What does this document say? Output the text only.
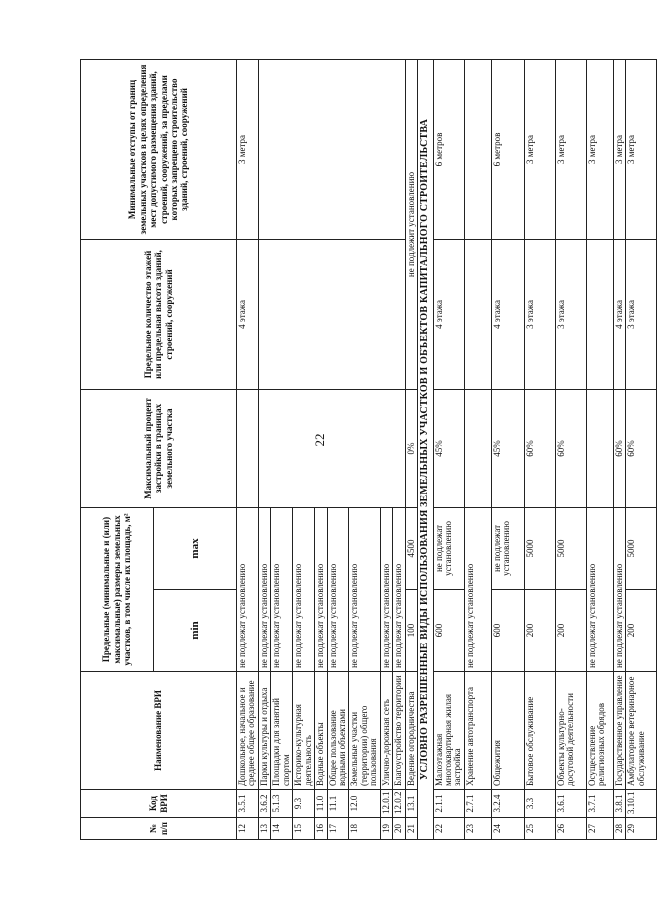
22
№ п/п	Код ВРИ	Наименование ВРИ	Предельные (минимальные и (или) максимальные) размеры земельных участков, в том числе их площадь, м²		Максимальный процент застройки в границах земельного участка	Предельное количество этажей или предельная высота зданий, строений, сооружений	Минимальные отступы от границ земельных участков в целях определения мест допустимого размещения зданий, строений, сооружений, за пределами которых запрещено строительство зданий, строений, сооружений
			min	max			
12	3.5.1	Дошкольное, начальное и среднее общее образование	не подлежат установлению			4 этажа	3 метра
13	3.6.2	Парки культуры и отдыха	не подлежат установлению				
14	5.1.3	Площадки для занятий спортом	не подлежат установлению				
15	9.3	Историко-культурная деятельность	не подлежат установлению				
16	11.0	Водные объекты	не подлежат установлению				
17	11.1	Общее пользование водными объектами	не подлежат установлению				
18	12.0	Земельные участки (территории) общего пользования	не подлежат установлению				
19	12.0.1	Улично-дорожная сеть	не подлежат установлению				
20	12.0.2	Благоустройство территории	не подлежат установлению				
21	13.1	Ведение огородничества	100	4500	0%	не подлежит установлению	
УСЛОВНО РАЗРЕШЕННЫЕ ВИДЫ ИСПОЛЬЗОВАНИЯ ЗЕМЕЛЬНЫХ УЧАСТКОВ И ОБЪЕКТОВ КАПИТАЛЬНОГО СТРОИТЕЛЬСТВА							
22	2.1.1	Малоэтажная многоквартирная жилая застройка	600	не подлежат установлению	45%	4 этажа	6 метров
23	2.7.1	Хранение автотранспорта	не подлежат установлению				
24	3.2.4	Общежития	600	не подлежат установлению	45%	4 этажа	6 метров
25	3.3	Бытовое обслуживание	200	5000	60%	3 этажа	3 метра
26	3.6.1	Объекты культурно-досуговой деятельности	200	5000	60%	3 этажа	3 метра
27	3.7.1	Осуществление религиозных обрядов	не подлежат установлению				3 метра
28	3.8.1	Государственное управление	не подлежат установлению		60%	4 этажа	3 метра
29	3.10.1	Амбулаторное ветеринарное обслуживание	200	5000	60%	3 этажа	3 метра
